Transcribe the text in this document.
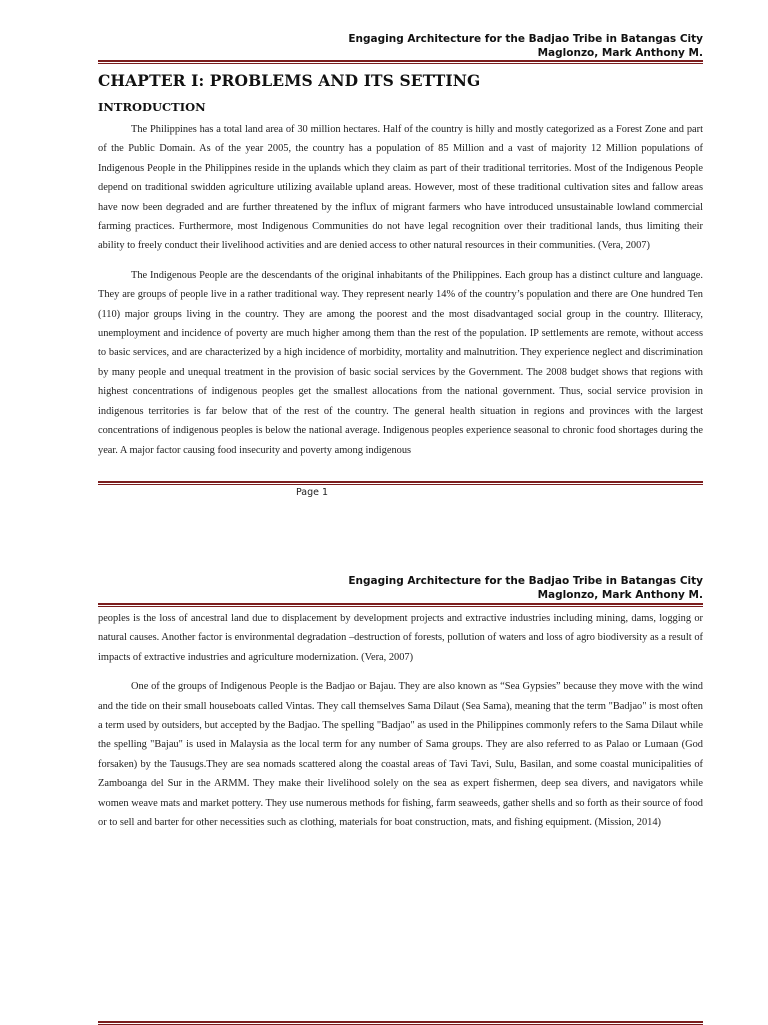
Engaging Architecture for the Badjao Tribe in Batangas City
Maglonzo, Mark Anthony M.
CHAPTER I: PROBLEMS AND ITS SETTING
INTRODUCTION

The Philippines has a total land area of 30 million hectares. Half of the country is hilly and mostly categorized as a Forest Zone and part of the Public Domain. As of the year 2005, the country has a population of 85 Million and a vast of majority 12 Million populations of Indigenous People in the Philippines reside in the uplands which they claim as part of their traditional territories. Most of the Indigenous People depend on traditional swidden agriculture utilizing available upland areas. However, most of these traditional cultivation sites and fallow areas have now been degraded and are further threatened by the influx of migrant farmers who have introduced unsustainable lowland commercial farming practices. Furthermore, most Indigenous Communities do not have legal recognition over their traditional lands, thus limiting their ability to freely conduct their livelihood activities and are denied access to other natural resources in their communities. (Vera, 2007)

The Indigenous People are the descendants of the original inhabitants of the Philippines. Each group has a distinct culture and language. They are groups of people live in a rather traditional way. They represent nearly 14% of the country’s population and there are One hundred Ten (110) major groups living in the country. They are among the poorest and the most disadvantaged social group in the country. Illiteracy, unemployment and incidence of poverty are much higher among them than the rest of the population. IP settlements are remote, without access to basic services, and are characterized by a high incidence of morbidity, mortality and malnutrition. They experience neglect and discrimination by many people and unequal treatment in the provision of basic social services by the Government. The 2008 budget shows that regions with highest concentrations of indigenous peoples get the smallest allocations from the national government. Thus, social service provision in indigenous territories is far below that of the rest of the country. The general health situation in regions and provinces with the largest concentrations of indigenous peoples is below the national average. Indigenous peoples experience seasonal to chronic food shortages during the year. A major factor causing food insecurity and poverty among indigenous

Page 1
Engaging Architecture for the Badjao Tribe in Batangas City
Maglonzo, Mark Anthony M.

peoples is the loss of ancestral land due to displacement by development projects and extractive industries including mining, dams, logging or natural causes. Another factor is environmental degradation –destruction of forests, pollution of waters and loss of agro biodiversity as a result of impacts of extractive industries and agriculture modernization. (Vera, 2007)

One of the groups of Indigenous People is the Badjao or Bajau. They are also known as “Sea Gypsies” because they move with the wind and the tide on their small houseboats called Vintas. They call themselves Sama Dilaut (Sea Sama), meaning that the term "Badjao" is most often a term used by outsiders, but accepted by the Badjao. The spelling "Badjao" as used in the Philippines commonly refers to the Sama Dilaut while the spelling "Bajau" is used in Malaysia as the local term for any number of Sama groups. They are also referred to as Palao or Lumaan (God forsaken) by the Tausugs.They are sea nomads scattered along the coastal areas of Tavi Tavi, Sulu, Basilan, and some coastal municipalities of Zamboanga del Sur in the ARMM. They make their livelihood solely on the sea as expert fishermen, deep sea divers, and navigators while women weave mats and market pottery. They use numerous methods for fishing, farm seaweeds, gather shells and so forth as their source of food or to sell and barter for other necessities such as clothing, materials for boat construction, mats, and fishing equipment. (Mission, 2014)
